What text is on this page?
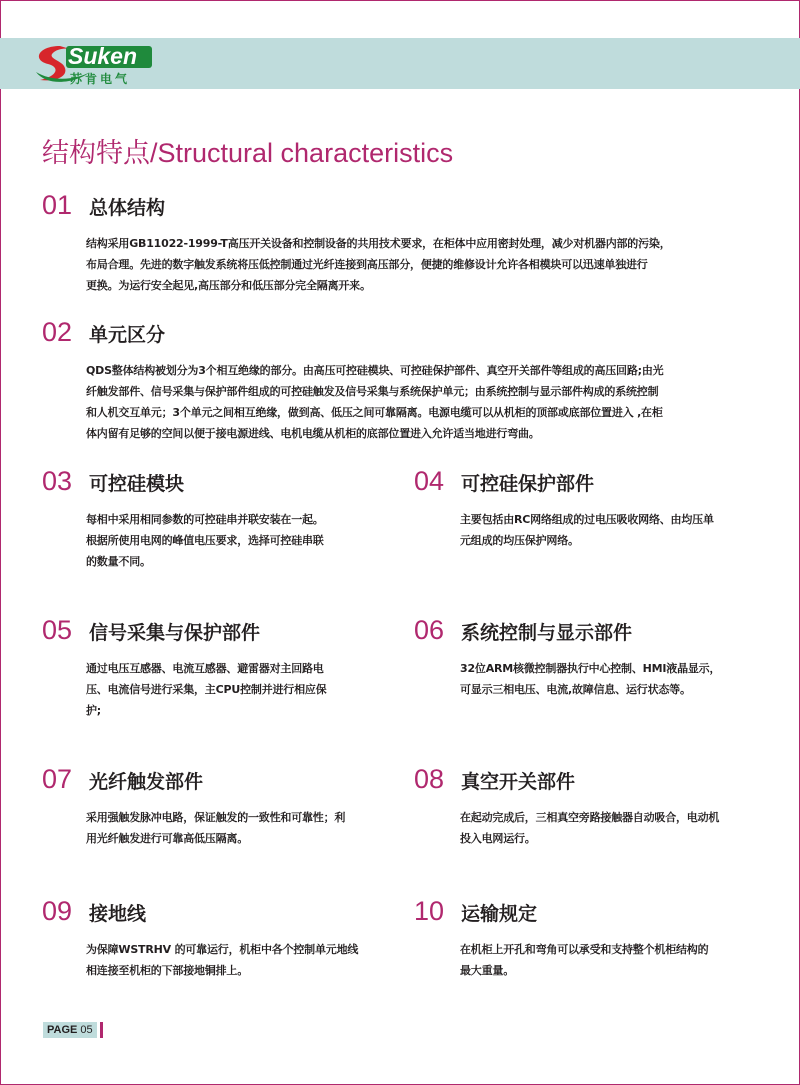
Suken
苏肯电气
结构特点/Structural characteristics
01 总体结构

结构采用GB11022-1999-T高压开关设备和控制设备的共用技术要求，在柜体中应用密封处理，减少对机器内部的污染，

布局合理。先进的数字触发系统将压低控制通过光纤连接到高压部分，便捷的维修设计允许各相模块可以迅速单独进行

更换。为运行安全起见,高压部分和低压部分完全隔离开来。

02 单元区分

QDS整体结构被划分为3个相互绝缘的部分。由高压可控硅模块、可控硅保护部件、真空开关部件等组成的高压回路;由光

纤触发部件、信号采集与保护部件组成的可控硅触发及信号采集与系统保护单元；由系统控制与显示部件构成的系统控制

和人机交互单元；3个单元之间相互绝缘，做到高、低压之间可靠隔离。电源电缆可以从机柜的顶部或底部位置进入 ,在柜

体内留有足够的空间以便于接电源进线、电机电缆从机柜的底部位置进入允许适当地进行弯曲。

03 可控硅模块

每相中采用相同参数的可控硅串并联安装在一起。

根据所使用电网的峰值电压要求，选择可控硅串联

的数量不同。

04 可控硅保护部件

主要包括由RC网络组成的过电压吸收网络、由均压单

元组成的均压保护网络。

05 信号采集与保护部件

通过电压互感器、电流互感器、避雷器对主回路电

压、电流信号进行采集，主CPU控制并进行相应保

护;

06 系统控制与显示部件

32位ARM核微控制器执行中心控制、HMI液晶显示，

可显示三相电压、电流,故障信息、运行状态等。

07 光纤触发部件

采用强触发脉冲电路，保证触发的一致性和可靠性；利

用光纤触发进行可靠高低压隔离。

08 真空开关部件

在起动完成后，三相真空旁路接触器自动吸合，电动机

投入电网运行。

09 接地线

为保障WSTRHV 的可靠运行，机柜中各个控制单元地线

相连接至机柜的下部接地铜排上。

10 运输规定

在机柜上开孔和弯角可以承受和支持整个机柜结构的

最大重量。

PAGE 05
